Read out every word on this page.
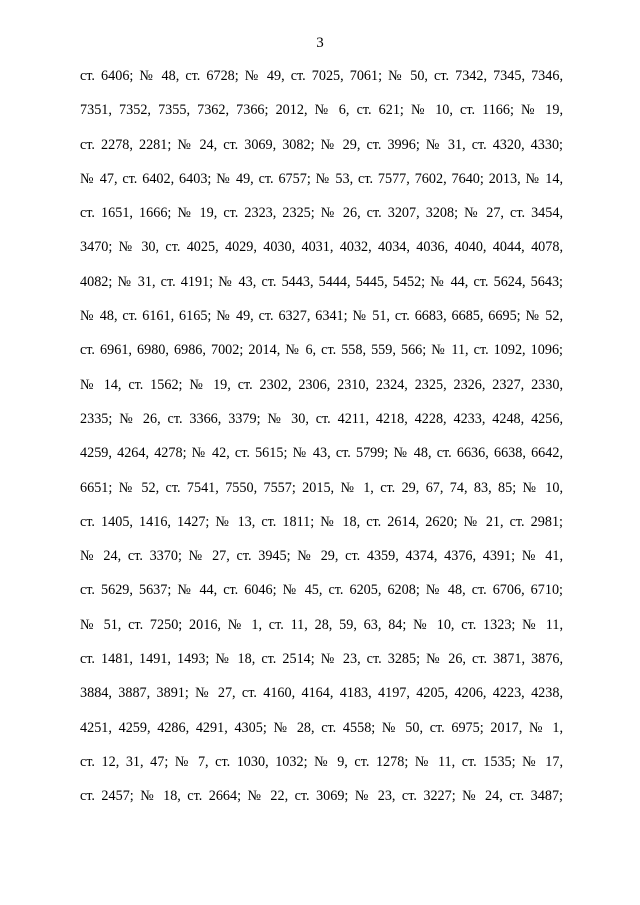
3
ст. 6406; № 48, ст. 6728; № 49, ст. 7025, 7061; № 50, ст. 7342, 7345, 7346,
7351, 7352, 7355, 7362, 7366; 2012, № 6, ст. 621; № 10, ст. 1166; № 19,
ст. 2278, 2281; № 24, ст. 3069, 3082; № 29, ст. 3996; № 31, ст. 4320, 4330;
№ 47, ст. 6402, 6403; № 49, ст. 6757; № 53, ст. 7577, 7602, 7640; 2013, № 14,
ст. 1651, 1666; № 19, ст. 2323, 2325; № 26, ст. 3207, 3208; № 27, ст. 3454,
3470; № 30, ст. 4025, 4029, 4030, 4031, 4032, 4034, 4036, 4040, 4044, 4078,
4082; № 31, ст. 4191; № 43, ст. 5443, 5444, 5445, 5452; № 44, ст. 5624, 5643;
№ 48, ст. 6161, 6165; № 49, ст. 6327, 6341; № 51, ст. 6683, 6685, 6695; № 52,
ст. 6961, 6980, 6986, 7002; 2014, № 6, ст. 558, 559, 566; № 11, ст. 1092, 1096;
№ 14, ст. 1562; № 19, ст. 2302, 2306, 2310, 2324, 2325, 2326, 2327, 2330,
2335; № 26, ст. 3366, 3379; № 30, ст. 4211, 4218, 4228, 4233, 4248, 4256,
4259, 4264, 4278; № 42, ст. 5615; № 43, ст. 5799; № 48, ст. 6636, 6638, 6642,
6651; № 52, ст. 7541, 7550, 7557; 2015, № 1, ст. 29, 67, 74, 83, 85; № 10,
ст. 1405, 1416, 1427; № 13, ст. 1811; № 18, ст. 2614, 2620; № 21, ст. 2981;
№ 24, ст. 3370; № 27, ст. 3945; № 29, ст. 4359, 4374, 4376, 4391; № 41,
ст. 5629, 5637; № 44, ст. 6046; № 45, ст. 6205, 6208; № 48, ст. 6706, 6710;
№ 51, ст. 7250; 2016, № 1, ст. 11, 28, 59, 63, 84; № 10, ст. 1323; № 11,
ст. 1481, 1491, 1493; № 18, ст. 2514; № 23, ст. 3285; № 26, ст. 3871, 3876,
3884, 3887, 3891; № 27, ст. 4160, 4164, 4183, 4197, 4205, 4206, 4223, 4238,
4251, 4259, 4286, 4291, 4305; № 28, ст. 4558; № 50, ст. 6975; 2017, № 1,
ст. 12, 31, 47; № 7, ст. 1030, 1032; № 9, ст. 1278; № 11, ст. 1535; № 17,
ст. 2457; № 18, ст. 2664; № 22, ст. 3069; № 23, ст. 3227; № 24, ст. 3487;
